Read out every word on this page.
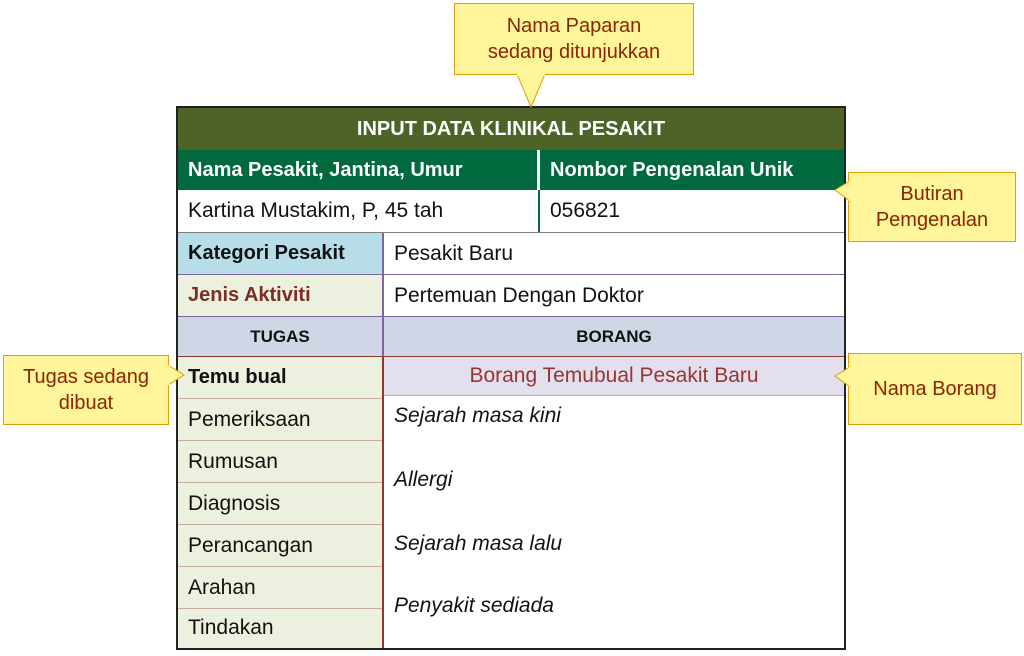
Nama Paparan
sedang ditunjukkan
Butiran
Pemgenalan
Tugas sedang
dibuat
Nama Borang
INPUT DATA KLINIKAL PESAKIT
Nama Pesakit, Jantina, Umur	Nombor Pengenalan Unik
Kartina Mustakim, P, 45 tah	056821
Kategori Pesakit	Pesakit Baru
Jenis Aktiviti	Pertemuan Dengan Doktor
TUGAS	BORANG
Temu bual
Pemeriksaan
Rumusan
Diagnosis
Perancangan
Arahan
Tindakan
Borang Temubual Pesakit Baru
Sejarah masa kini
Allergi
Sejarah masa lalu
Penyakit sediada
